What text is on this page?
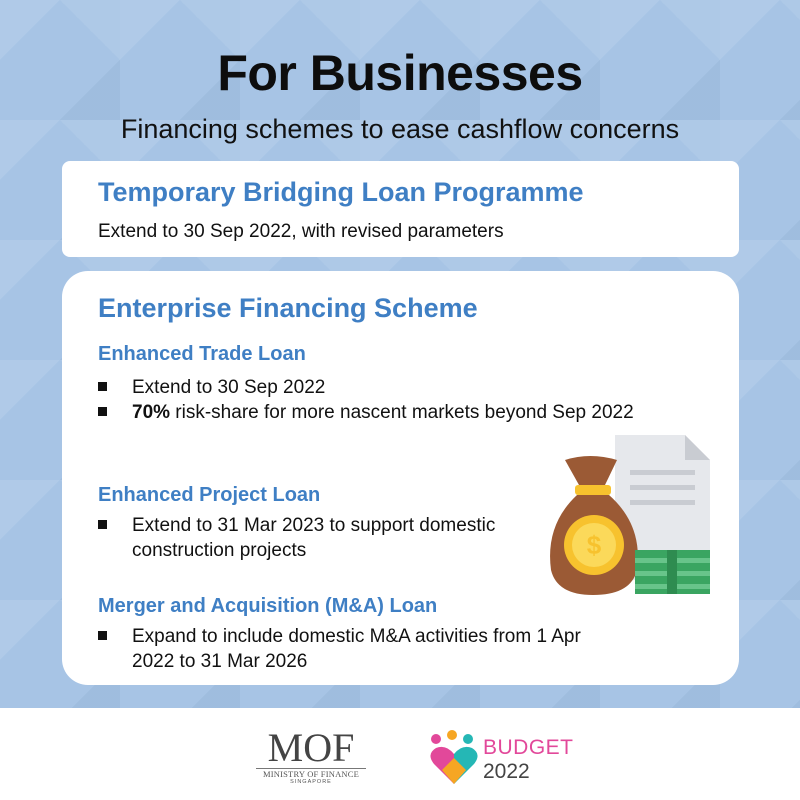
For Businesses
Financing schemes to ease cashflow concerns
Temporary Bridging Loan Programme
Extend to 30 Sep 2022, with revised parameters
Enterprise Financing Scheme
Enhanced Trade Loan
Extend to 30 Sep 2022
70% risk-share for more nascent markets beyond Sep 2022
Enhanced Project Loan
Extend to 31 Mar 2023 to support domestic construction projects
Merger and Acquisition (M&A) Loan
Expand to include domestic M&A activities from 1 Apr 2022 to 31 Mar 2026
$
MOF
MINISTRY OF FINANCE
SINGAPORE
BUDGET
2022
